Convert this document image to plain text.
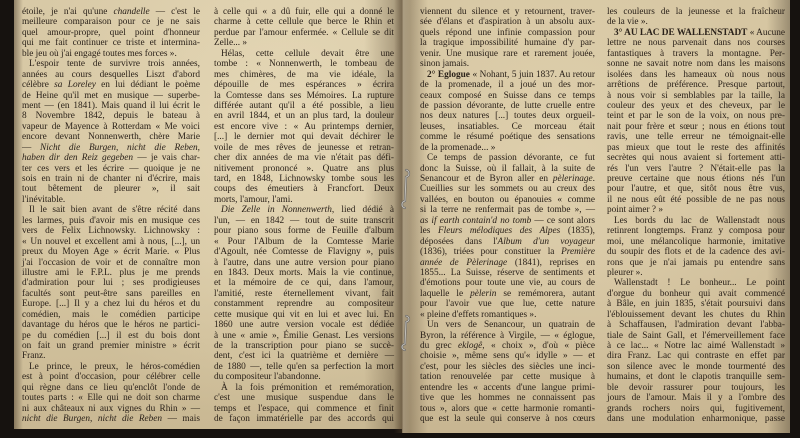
étoile, je n'ai qu'une chandelle — c'est le
meilleure comparaison pour ce je ne sais
quel amour-propre, quel point d'honneur
qui me fait continuer ce triste et intermina-
ble jeu où j'ai engagé toutes mes forces ».
L'espoir tente de survivre trois années,
années au cours desquelles Liszt d'abord
célèbre sa Loreley en lui dédiant le poème
de Heine qu'il met en musique — superbe-
ment — (en 1841). Mais quand il lui écrit le
8 Novembre 1842, depuis le bateau à
vapeur de Mayence à Rotterdam « Me voici
encore devant Nonnenwerth, chère Marie
— Nicht die Burgen, nicht die Reben,
haben dir den Reiz gegeben — je vais char-
ter ces vers et les écrire — quoique je ne
sois en train ni de chanter ni d'écrire, mais
tout bêtement de pleurer », il sait
l'inévitable.
Il le sait bien avant de s'être récité dans
les larmes, puis d'avoir mis en musique ces
vers de Felix Lichnowsky. Lichnowsky :
« Un nouvel et excellent ami à nous, [...], un
preux du Moyen Age » écrit Marie. « Plus
j'ai l'occasion de voir et de connaître mon
illustre ami le F.P.L. plus je me prends
d'admiration pour lui ; ses prodigieuses
facultés sont peut-être sans pareilles en
Europe. [...] Il y a chez lui du héros et du
comédien, mais le comédien participe
davantage du héros que le héros ne partici-
pe du comédien [...] il est du bois dont
on fait un grand premier ministre » écrit
Franz.
Le prince, le preux, le héros-comédien
est à point d'occasion, pour célébrer celle
qui règne dans ce lieu qu'enclôt l'onde de
toutes parts : « Elle qui ne doit son charme
ni aux châteaux ni aux vignes du Rhin » —
nicht die Burgen, nicht die Reben — mais
à celle qui « a dû fuir, elle qui a donné le
charme à cette cellule que berce le Rhin et
perdue par l'amour enfermée. « Cellule se dit
Zelle... »
Hélas, cette cellule devait être une
tombe : « Nonnenwerth, le tombeau de
mes chimères, de ma vie idéale, la
dépouille de mes espérances » écrira
la Comtesse dans ses Mémoires. La rupture
différée autant qu'il a été possible, a lieu
en avril 1844, et un an plus tard, la douleur
est encore vive : « Au printemps dernier,
[...] le dernier mot qui devait déchirer le
voile de mes rêves de jeunesse et retran-
cher dix années de ma vie n'était pas défi-
nitivement prononcé ». Quatre ans plus
tard, en 1848, Lichnowsky tombe sous les
coups des émeutiers à Francfort. Deux
morts, l'amour, l'ami.
Die Zelle in Nonnenwerth, lied dédié à
l'un, — en 1842 — tout de suite transcrit
pour piano sous forme de Feuille d'album
« Pour l'Album de la Comtesse Marie
d'Agoult, née Comtesse de Flavigny », puis
à l'autre, dans une autre version pour piano
en 1843. Deux morts. Mais la vie continue,
et la mémoire de ce qui, dans l'amour,
l'amitié, reste éternellement vivant, fait
constamment reprendre au compositeur
cette musique qui vit en lui et avec lui. En
1860 une autre version vocale est dédiée
à une « amie », Émilie Genast. Les versions
de la transcription pour piano se succè-
dent, c'est ici la quatrième et dernière —
de 1880 —, telle qu'en sa perfection la mort
du compositeur l'abandonne.
À la fois prémonition et remémoration,
c'est une musique suspendue dans le
temps et l'espace, qui commence et finit
de façon immatérielle par des accords qui
viennent du silence et y retournent, traver-
sée d'élans et d'aspiration à un absolu aux-
quels répond une infinie compassion pour
la tragique impossibilité humaine d'y par-
venir. Une musique rare et rarement jouée,
sinon jamais.
2° Eglogue « Nohant, 5 juin 1837. Au retour
de la promenade, il a joué un des mor-
ceaux composé en Suisse dans ce temps
de passion dévorante, de lutte cruelle entre
nos deux natures [...] toutes deux orgueil-
leuses, insatiables. Ce morceau était
comme le résumé poétique des sensations
de la promenade... »
Ce temps de passion dévorante, ce fut
donc la Suisse, où il fallait, à la suite de
Senancour et de Byron aller en pèlerinage.
Cueillies sur les sommets ou au creux des
vallées, en bouton ou épanouies « comme
si la terre ne renfermait pas de tombe », —
as if earth contain'd no tomb — ce sont alors
les Fleurs mélodiques des Alpes (1835),
déposées dans l'Album d'un voyageur
(1836), triées pour constituer la Première
année de Pèlerinage (1841), reprises en
1855... La Suisse, réserve de sentiments et
d'émotions pour toute une vie, au cours de
laquelle le pèlerin se remémorera, autant
pour l'avoir vue que lue, cette nature
« pleine d'effets romantiques ».
Un vers de Senancour, un quatrain de
Byron, la référence à Virgile, — « églogue,
du grec eklogê, « choix », d'où « pièce
choisie », même sens qu'« idylle » — et
c'est, pour les siècles des siècles une inci-
tation renouvelée par cette musique à
entendre les « accents d'une langue primi-
tive que les hommes ne connaissent pas
tous », alors que « cette harmonie romanti-
que est la seule qui conserve à nos cœurs
les couleurs de la jeunesse et la fraîcheur
de la vie ».
3° AU LAC DE WALLENSTADT « Aucune
lettre ne nous parvenait dans nos courses
fantastiques à travers la montagne. Per-
sonne ne savait notre nom dans les maisons
isolées dans les hameaux où nous nous
arrêtions de préférence. Presque partout,
à nous voir si semblables par la taille, la
couleur des yeux et des cheveux, par le
teint et par le son de la voix, on nous pre-
nait pour frère et sœur ; nous en étions tout
ravis, une telle erreur ne témoignait-elle
pas mieux que tout le reste des affinités
secrètes qui nous avaient si fortement atti-
rés l'un vers l'autre ? N'était-elle pas la
preuve certaine que nous étions nés l'un
pour l'autre, et que, sitôt nous être vus,
il ne nous eût été possible de ne pas nous
point aimer ? »
Les bords du lac de Wallenstadt nous
retinrent longtemps. Franz y composa pour
moi, une mélancolique harmonie, imitative
du soupir des flots et de la cadence des avi-
rons que je n'ai jamais pu entendre sans
pleurer ».
Wallenstadt ! Le bonheur... Le point
d'orgue du bonheur qui avait commencé
à Bâle, en juin 1835, s'était poursuivi dans
l'éblouissement devant les chutes du Rhin
à Schaffausen, l'admiration devant l'abba-
tiale de Saint Gall, et l'émerveillement face
à ce lac... « Notre lac aimé Wallenstadt »
dira Franz. Lac qui contraste en effet par
son silence avec le monde tourmenté des
humains, et dont le clapotis tranquille sem-
ble devoir rassurer pour toujours, les
jours de l'amour. Mais il y a l'ombre des
grands rochers noirs qui, fugitivement,
dans une modulation enharmonique, passe
